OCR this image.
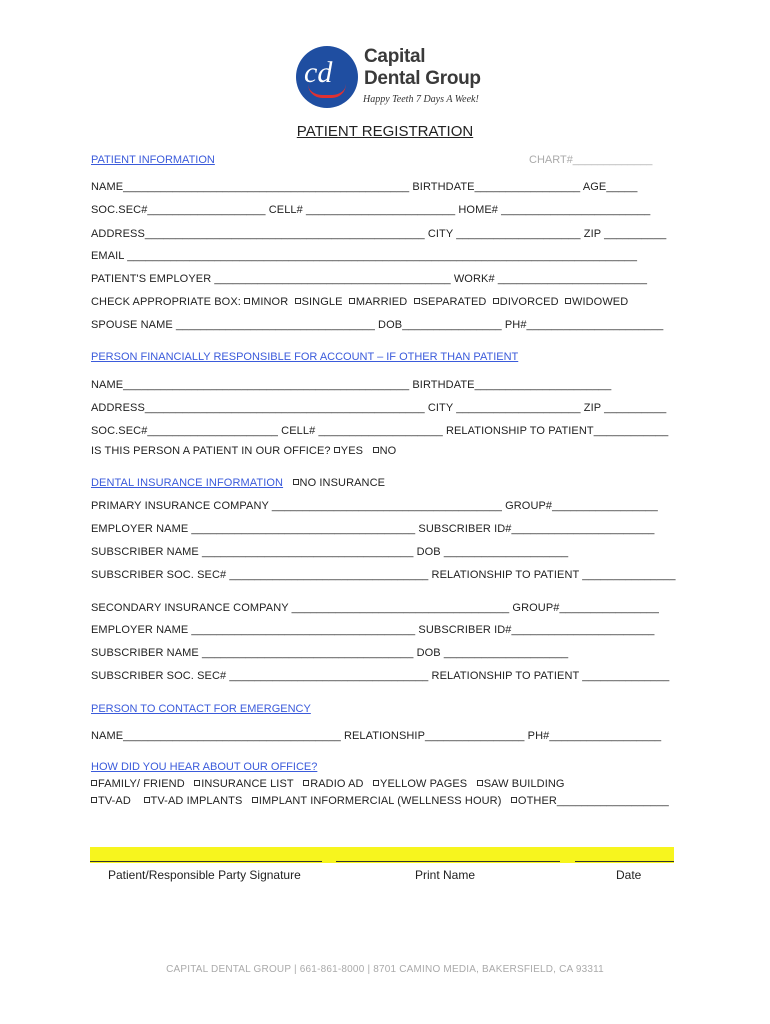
cd Capital
Dental Group
Happy Teeth 7 Days A Week!
PATIENT REGISTRATION
PATIENT INFORMATION	CHART#_____________
NAME______________________________________________ BIRTHDATE_________________ AGE_____
SOC.SEC#___________________ CELL# ________________________ HOME# ________________________
ADDRESS_____________________________________________ CITY ____________________ ZIP __________
EMAIL __________________________________________________________________________________
PATIENT'S EMPLOYER ______________________________________ WORK# ________________________
CHECK APPROPRIATE BOX: MINOR SINGLE MARRIED SEPARATED DIVORCED WIDOWED
SPOUSE NAME ________________________________ DOB________________ PH#______________________
PERSON FINANCIALLY RESPONSIBLE FOR ACCOUNT – IF OTHER THAN PATIENT
NAME______________________________________________ BIRTHDATE______________________
ADDRESS_____________________________________________ CITY ____________________ ZIP __________
SOC.SEC#_____________________ CELL# ____________________ RELATIONSHIP TO PATIENT____________
IS THIS PERSON A PATIENT IN OUR OFFICE? YES NO
DENTAL INSURANCE INFORMATION NO INSURANCE
PRIMARY INSURANCE COMPANY _____________________________________ GROUP#_________________
EMPLOYER NAME ____________________________________ SUBSCRIBER ID#_______________________
SUBSCRIBER NAME __________________________________ DOB ____________________
SUBSCRIBER SOC. SEC# ________________________________ RELATIONSHIP TO PATIENT _______________
SECONDARY INSURANCE COMPANY ___________________________________ GROUP#________________
EMPLOYER NAME ____________________________________ SUBSCRIBER ID#_______________________
SUBSCRIBER NAME __________________________________ DOB ____________________
SUBSCRIBER SOC. SEC# ________________________________ RELATIONSHIP TO PATIENT ______________
PERSON TO CONTACT FOR EMERGENCY
NAME___________________________________ RELATIONSHIP________________ PH#__________________
HOW DID YOU HEAR ABOUT OUR OFFICE?
FAMILY/ FRIEND INSURANCE LIST RADIO AD YELLOW PAGES SAW BUILDING
TV-AD TV-AD IMPLANTS IMPLANT INFORMERCIAL (WELLNESS HOUR) OTHER__________________
Patient/Responsible Party Signature	Print Name	Date
CAPITAL DENTAL GROUP | 661-861-8000 | 8701 CAMINO MEDIA, BAKERSFIELD, CA 93311
